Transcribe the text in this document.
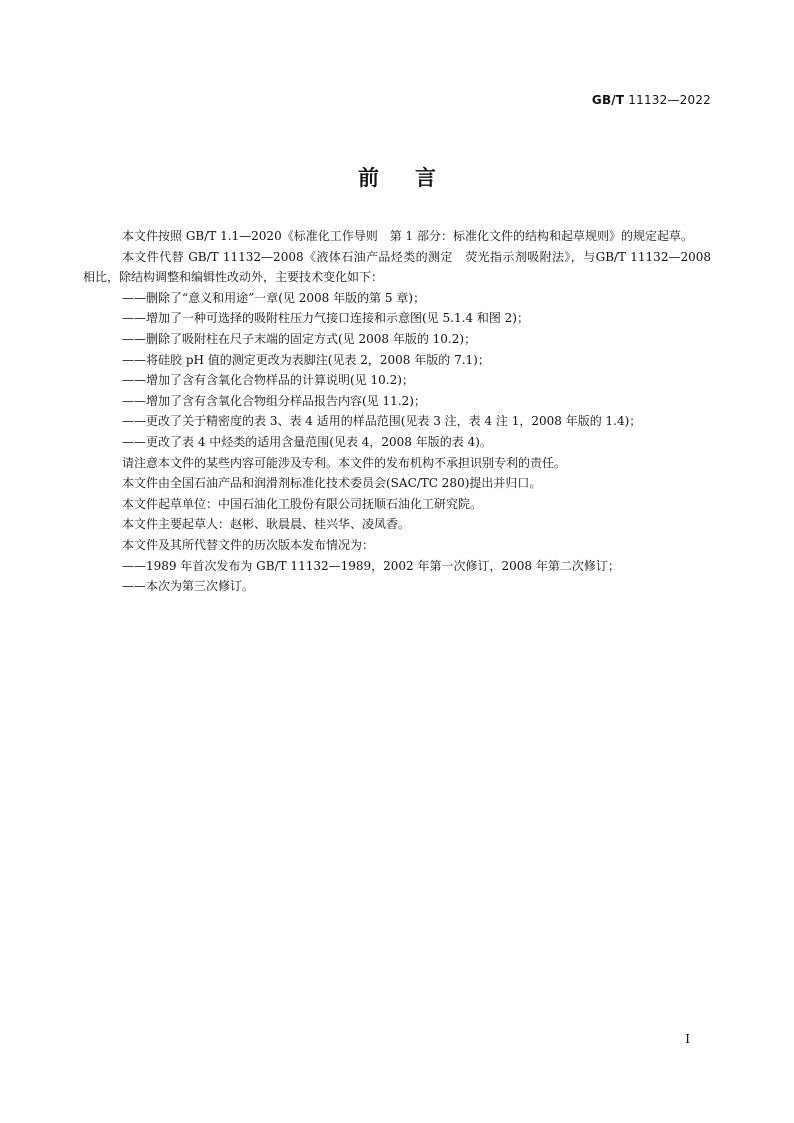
GB/T 11132—2022
前言

本文件按照 GB/T 1.1—2020《标准化工作导则　第 1 部分：标准化文件的结构和起草规则》的规定起草。

本文件代替 GB/T 11132—2008《液体石油产品烃类的测定　荧光指示剂吸附法》，与GB/T 11132—2008 相比，除结构调整和编辑性改动外，主要技术变化如下：

——删除了“意义和用途”一章(见 2008 年版的第 5 章)；

——增加了一种可选择的吸附柱压力气接口连接和示意图(见 5.1.4 和图 2)；

——删除了吸附柱在尺子末端的固定方式(见 2008 年版的 10.2)；

——将硅胶 pH 值的测定更改为表脚注(见表 2，2008 年版的 7.1)；

——增加了含有含氧化合物样品的计算说明(见 10.2)；

——增加了含有含氧化合物组分样品报告内容(见 11.2)；

——更改了关于精密度的表 3、表 4 适用的样品范围(见表 3 注，表 4 注 1，2008 年版的 1.4)；

——更改了表 4 中烃类的适用含量范围(见表 4，2008 年版的表 4)。

请注意本文件的某些内容可能涉及专利。本文件的发布机构不承担识别专利的责任。

本文件由全国石油产品和润滑剂标准化技术委员会(SAC/TC 280)提出并归口。

本文件起草单位：中国石油化工股份有限公司抚顺石油化工研究院。

本文件主要起草人：赵彬、耿晨晨、桂兴华、凌凤香。

本文件及其所代替文件的历次版本发布情况为：

——1989 年首次发布为 GB/T 11132—1989，2002 年第一次修订，2008 年第二次修订；

——本次为第三次修订。

I
